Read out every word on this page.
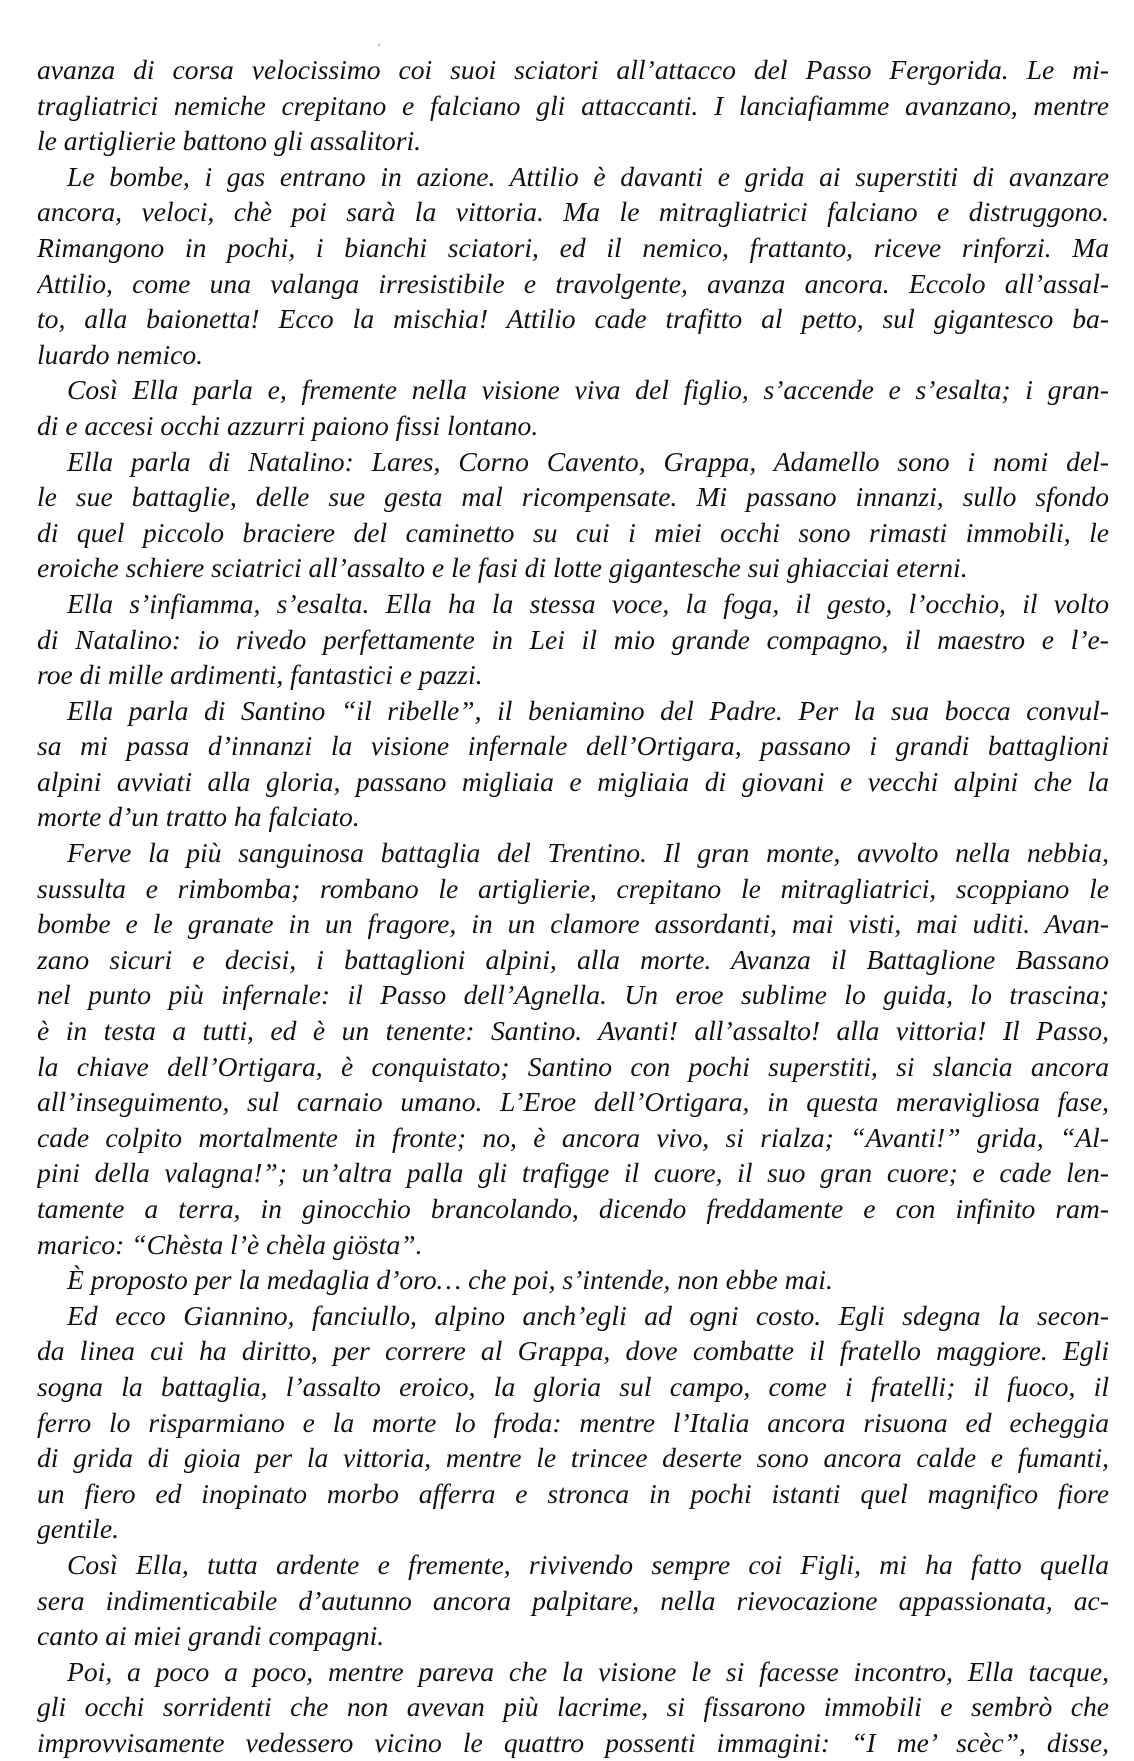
avanza di corsa velocissimo coi suoi sciatori all’attacco del Passo Fergorida. Le mi-
tragliatrici nemiche crepitano e falciano gli attaccanti. I lanciafiamme avanzano, mentre
le artiglierie battono gli assalitori.
Le bombe, i gas entrano in azione. Attilio è davanti e grida ai superstiti di avanzare
ancora, veloci, chè poi sarà la vittoria. Ma le mitragliatrici falciano e distruggono.
Rimangono in pochi, i bianchi sciatori, ed il nemico, frattanto, riceve rinforzi. Ma
Attilio, come una valanga irresistibile e travolgente, avanza ancora. Eccolo all’assal-
to, alla baionetta! Ecco la mischia! Attilio cade trafitto al petto, sul gigantesco ba-
luardo nemico.
Così Ella parla e, fremente nella visione viva del figlio, s’accende e s’esalta; i gran-
di e accesi occhi azzurri paiono fissi lontano.
Ella parla di Natalino: Lares, Corno Cavento, Grappa, Adamello sono i nomi del-
le sue battaglie, delle sue gesta mal ricompensate. Mi passano innanzi, sullo sfondo
di quel piccolo braciere del caminetto su cui i miei occhi sono rimasti immobili, le
eroiche schiere sciatrici all’assalto e le fasi di lotte gigantesche sui ghiacciai eterni.
Ella s’infiamma, s’esalta. Ella ha la stessa voce, la foga, il gesto, l’occhio, il volto
di Natalino: io rivedo perfettamente in Lei il mio grande compagno, il maestro e l’e-
roe di mille ardimenti, fantastici e pazzi.
Ella parla di Santino “il ribelle”, il beniamino del Padre. Per la sua bocca convul-
sa mi passa d’innanzi la visione infernale dell’Ortigara, passano i grandi battaglioni
alpini avviati alla gloria, passano migliaia e migliaia di giovani e vecchi alpini che la
morte d’un tratto ha falciato.
Ferve la più sanguinosa battaglia del Trentino. Il gran monte, avvolto nella nebbia,
sussulta e rimbomba; rombano le artiglierie, crepitano le mitragliatrici, scoppiano le
bombe e le granate in un fragore, in un clamore assordanti, mai visti, mai uditi. Avan-
zano sicuri e decisi, i battaglioni alpini, alla morte. Avanza il Battaglione Bassano
nel punto più infernale: il Passo dell’Agnella. Un eroe sublime lo guida, lo trascina;
è in testa a tutti, ed è un tenente: Santino. Avanti! all’assalto! alla vittoria! Il Passo,
la chiave dell’Ortigara, è conquistato; Santino con pochi superstiti, si slancia ancora
all’inseguimento, sul carnaio umano. L’Eroe dell’Ortigara, in questa meravigliosa fase,
cade colpito mortalmente in fronte; no, è ancora vivo, si rialza; “Avanti!” grida, “Al-
pini della valagna!”; un’altra palla gli trafigge il cuore, il suo gran cuore; e cade len-
tamente a terra, in ginocchio brancolando, dicendo freddamente e con infinito ram-
marico: “Chèsta l’è chèla giösta”.
È proposto per la medaglia d’oro… che poi, s’intende, non ebbe mai.
Ed ecco Giannino, fanciullo, alpino anch’egli ad ogni costo. Egli sdegna la secon-
da linea cui ha diritto, per correre al Grappa, dove combatte il fratello maggiore. Egli
sogna la battaglia, l’assalto eroico, la gloria sul campo, come i fratelli; il fuoco, il
ferro lo risparmiano e la morte lo froda: mentre l’Italia ancora risuona ed echeggia
di grida di gioia per la vittoria, mentre le trincee deserte sono ancora calde e fumanti,
un fiero ed inopinato morbo afferra e stronca in pochi istanti quel magnifico fiore
gentile.
Così Ella, tutta ardente e fremente, rivivendo sempre coi Figli, mi ha fatto quella
sera indimenticabile d’autunno ancora palpitare, nella rievocazione appassionata, ac-
canto ai miei grandi compagni.
Poi, a poco a poco, mentre pareva che la visione le si facesse incontro, Ella tacque,
gli occhi sorridenti che non avevan più lacrime, si fissarono immobili e sembrò che
improvvisamente vedessero vicino le quattro possenti immagini: “I me’ scèc”, disse,
